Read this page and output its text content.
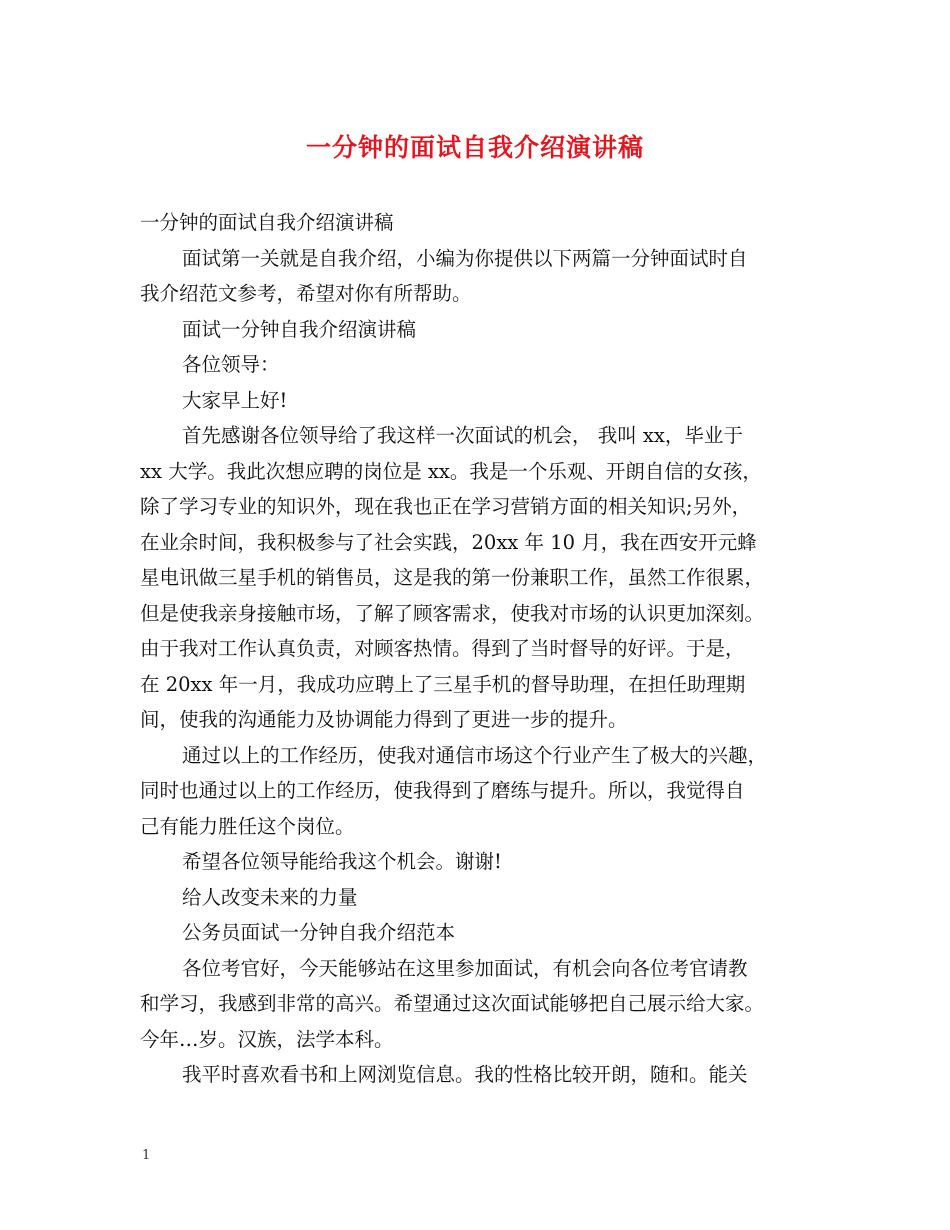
一分钟的面试自我介绍演讲稿
一分钟的面试自我介绍演讲稿
面试第一关就是自我介绍，小编为你提供以下两篇一分钟面试时自
我介绍范文参考，希望对你有所帮助。
面试一分钟自我介绍演讲稿
各位领导：
大家早上好!
首先感谢各位领导给了我这样一次面试的机会， 我叫 xx，毕业于
xx 大学。我此次想应聘的岗位是 xx。我是一个乐观、开朗自信的女孩，
除了学习专业的知识外，现在我也正在学习营销方面的相关知识;另外，
在业余时间，我积极参与了社会实践，20xx 年 10 月，我在西安开元蜂
星电讯做三星手机的销售员，这是我的第一份兼职工作，虽然工作很累，
但是使我亲身接触市场，了解了顾客需求，使我对市场的认识更加深刻。
由于我对工作认真负责，对顾客热情。得到了当时督导的好评。于是，
在 20xx 年一月，我成功应聘上了三星手机的督导助理，在担任助理期
间，使我的沟通能力及协调能力得到了更进一步的提升。
通过以上的工作经历，使我对通信市场这个行业产生了极大的兴趣，
同时也通过以上的工作经历，使我得到了磨练与提升。所以，我觉得自
己有能力胜任这个岗位。
希望各位领导能给我这个机会。谢谢!
给人改变未来的力量
公务员面试一分钟自我介绍范本
各位考官好，今天能够站在这里参加面试，有机会向各位考官请教
和学习，我感到非常的高兴。希望通过这次面试能够把自己展示给大家。
今年…岁。汉族，法学本科。
我平时喜欢看书和上网浏览信息。我的性格比较开朗，随和。能关
1
